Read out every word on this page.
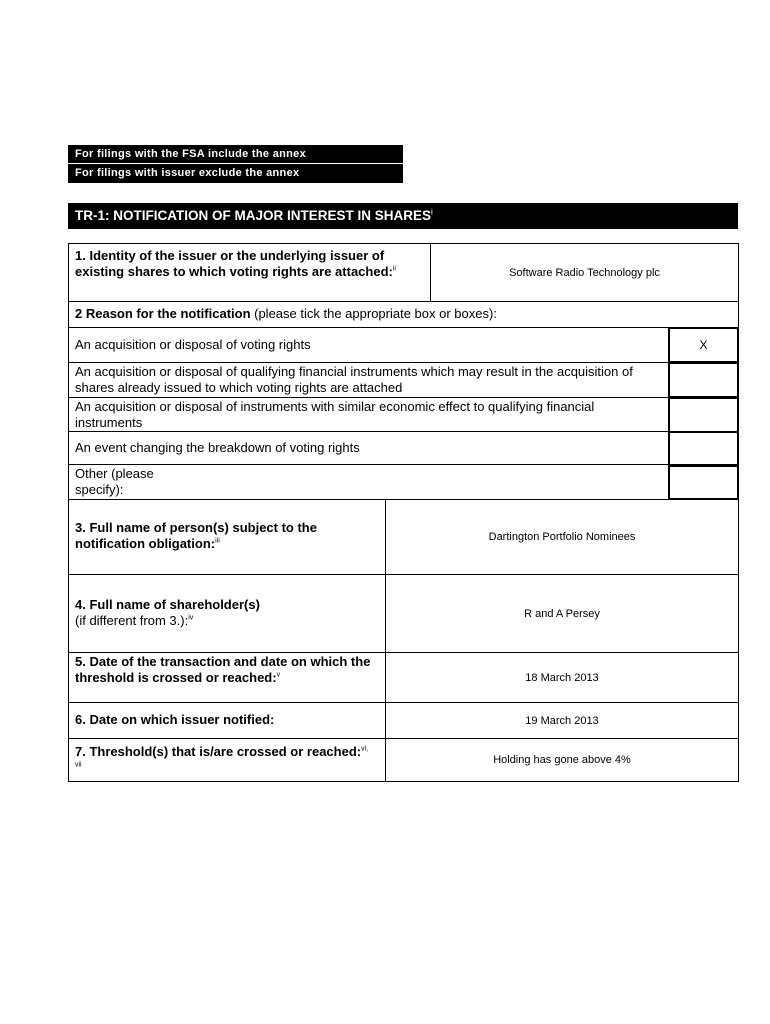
For filings with the FSA include the annex
For filings with issuer exclude the annex
TR-1: NOTIFICATION OF MAJOR INTEREST IN SHARES$^i$
1. Identity of the issuer or the underlying issuer of existing shares to which voting rights are attached:$^{ii}$	Software Radio Technology plc
2 Reason for the notification (please tick the appropriate box or boxes):
An acquisition or disposal of voting rights	X
An acquisition or disposal of qualifying financial instruments which may result in the acquisition of shares already issued to which voting rights are attached
An acquisition or disposal of instruments with similar economic effect to qualifying financial instruments
An event changing the breakdown of voting rights
Other (please specify):
3. Full name of person(s) subject to the notification obligation:$^{iii}$	Dartington Portfolio Nominees
4. Full name of shareholder(s)
(if different from 3.):$^{iv}$	R and A Persey
5. Date of the transaction and date on which the threshold is crossed or reached:$^v$	18 March 2013
6. Date on which issuer notified:	19 March 2013
7. Threshold(s) that is/are crossed or reached:$^{vi, vii}$	Holding has gone above 4%
